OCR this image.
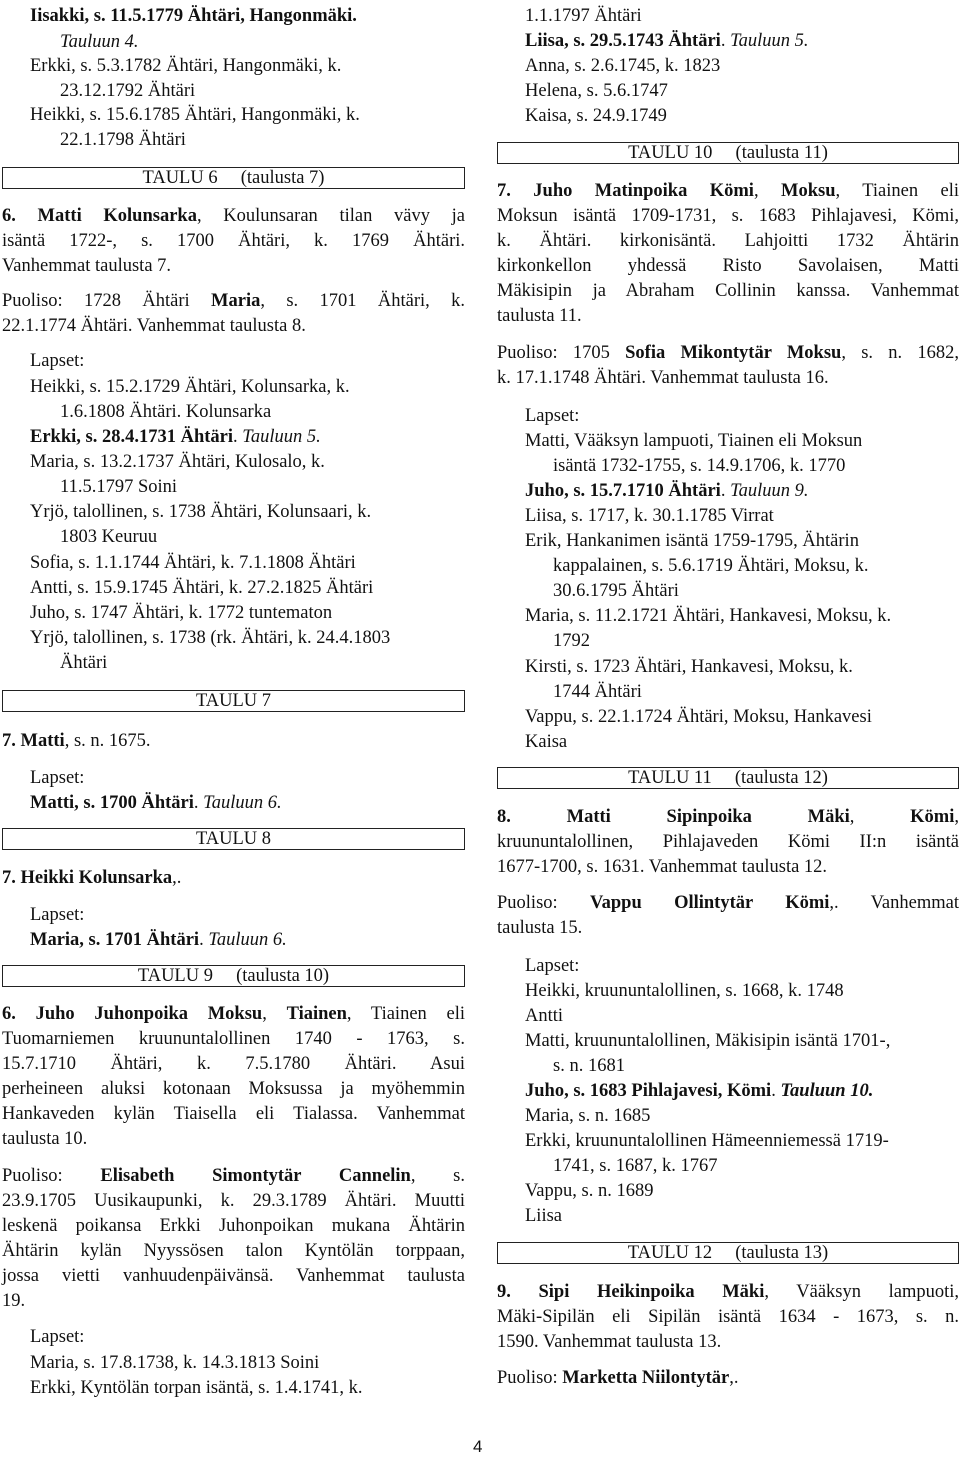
Iisakki, s. 11.5.1779 Ähtäri, Hangonmäki.
Tauluun 4.
Erkki, s. 5.3.1782 Ähtäri, Hangonmäki, k.
23.12.1792 Ähtäri
Heikki, s. 15.6.1785 Ähtäri, Hangonmäki, k.
22.1.1798 Ähtäri
TAULU 6     (taulusta 7)
6. Matti Kolunsarka, Koulunsaran tilan vävy ja
isäntä 1722-, s. 1700 Ähtäri, k. 1769 Ähtäri.
Vanhemmat taulusta 7.
Puoliso: 1728 Ähtäri Maria, s. 1701 Ähtäri, k.
22.1.1774 Ähtäri. Vanhemmat taulusta 8.
Lapset:
Heikki, s. 15.2.1729 Ähtäri, Kolunsarka, k.
1.6.1808 Ähtäri. Kolunsarka
Erkki, s. 28.4.1731 Ähtäri. Tauluun 5.
Maria, s. 13.2.1737 Ähtäri, Kulosalo, k.
11.5.1797 Soini
Yrjö, talollinen, s. 1738 Ähtäri, Kolunsaari, k.
1803 Keuruu
Sofia, s. 1.1.1744 Ähtäri, k. 7.1.1808 Ähtäri
Antti, s. 15.9.1745 Ähtäri, k. 27.2.1825 Ähtäri
Juho, s. 1747 Ähtäri, k. 1772 tuntematon
Yrjö, talollinen, s. 1738 (rk. Ähtäri, k. 24.4.1803
Ähtäri
TAULU 7
7. Matti, s. n. 1675.
Lapset:
Matti, s. 1700 Ähtäri. Tauluun 6.
TAULU 8
7. Heikki Kolunsarka,.
Lapset:
Maria, s. 1701 Ähtäri. Tauluun 6.
TAULU 9     (taulusta 10)
6. Juho Juhonpoika Moksu, Tiainen, Tiainen eli
Tuomarniemen kruununtalollinen 1740 - 1763, s.
15.7.1710 Ähtäri, k. 7.5.1780 Ähtäri. Asui
perheineen aluksi kotonaan Moksussa ja myöhemmin
Hankaveden kylän Tiaisella eli Tialassa. Vanhemmat
taulusta 10.
Puoliso: Elisabeth Simontytär Cannelin, s.
23.9.1705 Uusikaupunki, k. 29.3.1789 Ähtäri. Muutti
leskenä poikansa Erkki Juhonpoikan mukana Ähtärin
Ähtärin kylän Nyyssösen talon Kyntölän torppaan,
jossa vietti vanhuudenpäivänsä. Vanhemmat taulusta
19.
Lapset:
Maria, s. 17.8.1738, k. 14.3.1813 Soini
Erkki, Kyntölän torpan isäntä, s. 1.4.1741, k.
1.1.1797 Ähtäri
Liisa, s. 29.5.1743 Ähtäri. Tauluun 5.
Anna, s. 2.6.1745, k. 1823
Helena, s. 5.6.1747
Kaisa, s. 24.9.1749
TAULU 10     (taulusta 11)
7. Juho Matinpoika Kömi, Moksu, Tiainen eli
Moksun isäntä 1709-1731, s. 1683 Pihlajavesi, Kömi,
k. Ähtäri. kirkonisäntä. Lahjoitti 1732 Ähtärin
kirkonkellon yhdessä Risto Savolaisen, Matti
Mäkisipin ja Abraham Collinin kanssa. Vanhemmat
taulusta 11.
Puoliso: 1705 Sofia Mikontytär Moksu, s. n. 1682,
k. 17.1.1748 Ähtäri. Vanhemmat taulusta 16.
Lapset:
Matti, Vääksyn lampuoti, Tiainen eli Moksun
isäntä 1732-1755, s. 14.9.1706, k. 1770
Juho, s. 15.7.1710 Ähtäri. Tauluun 9.
Liisa, s. 1717, k. 30.1.1785 Virrat
Erik, Hankanimen isäntä 1759-1795, Ähtärin
kappalainen, s. 5.6.1719 Ähtäri, Moksu, k.
30.6.1795 Ähtäri
Maria, s. 11.2.1721 Ähtäri, Hankavesi, Moksu, k.
1792
Kirsti, s. 1723 Ähtäri, Hankavesi, Moksu, k.
1744 Ähtäri
Vappu, s. 22.1.1724 Ähtäri, Moksu, Hankavesi
Kaisa
TAULU 11     (taulusta 12)
8. Matti Sipinpoika Mäki, Kömi,
kruununtalollinen, Pihlajaveden Kömi II:n isäntä
1677-1700, s. 1631. Vanhemmat taulusta 12.
Puoliso: Vappu Ollintytär Kömi,. Vanhemmat
taulusta 15.
Lapset:
Heikki, kruununtalollinen, s. 1668, k. 1748
Antti
Matti, kruununtalollinen, Mäkisipin isäntä 1701-,
s. n. 1681
Juho, s. 1683 Pihlajavesi, Kömi. Tauluun 10.
Maria, s. n. 1685
Erkki, kruununtalollinen Hämeenniemessä 1719-
1741, s. 1687, k. 1767
Vappu, s. n. 1689
Liisa
TAULU 12     (taulusta 13)
9. Sipi Heikinpoika Mäki, Vääksyn lampuoti,
Mäki-Sipilän eli Sipilän isäntä 1634 - 1673, s. n.
1590. Vanhemmat taulusta 13.
Puoliso: Marketta Niilontytär,.
4
